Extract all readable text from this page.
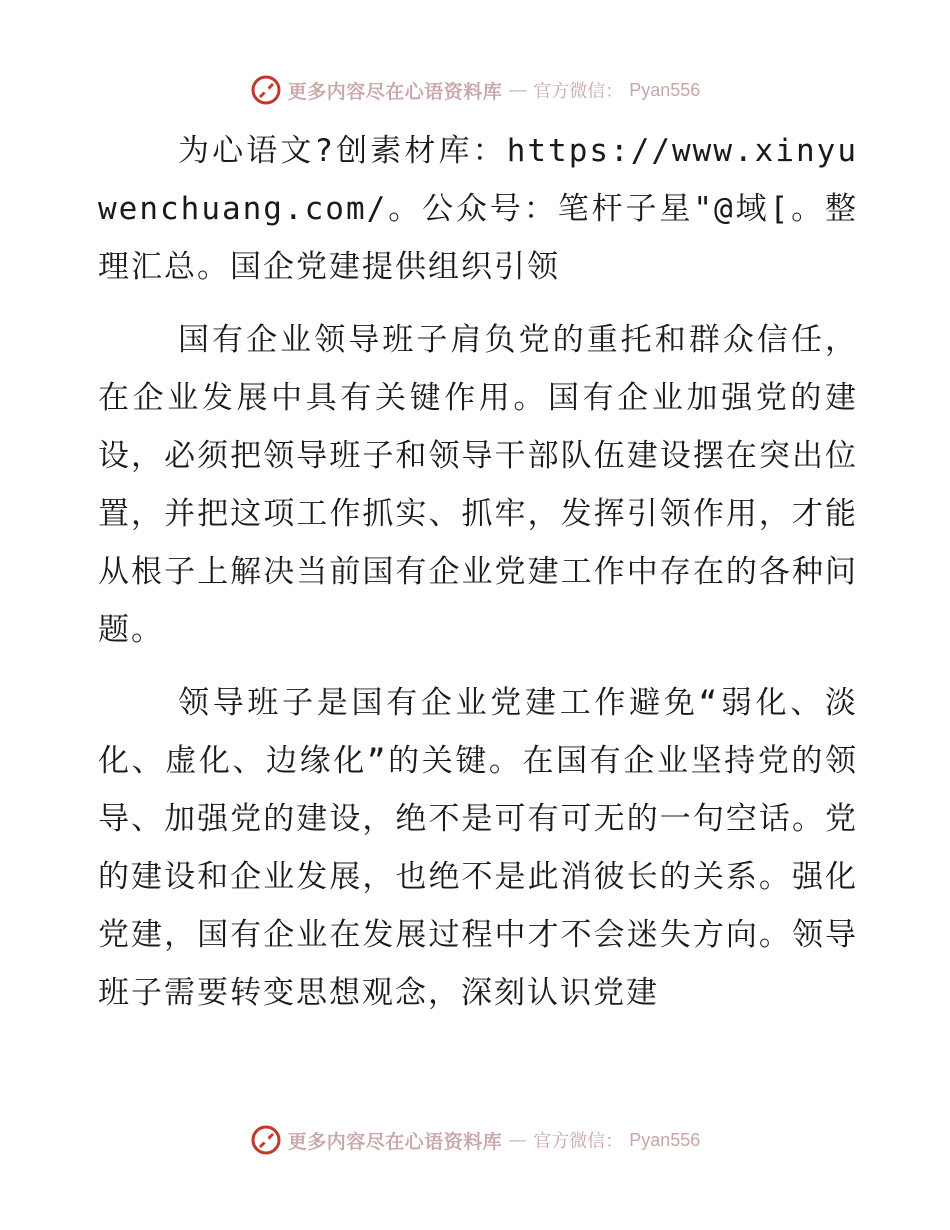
更多内容尽在心语资料库 — 官方微信： Pyan556

为心语文?创素材库：https://www.xinyuwenchuang.com/。公众号：笔杆子星"@域[。整理汇总。国企党建提供组织引领

国有企业领导班子肩负党的重托和群众信任，在企业发展中具有关键作用。国有企业加强党的建设，必须把领导班子和领导干部队伍建设摆在突出位置，并把这项工作抓实、抓牢，发挥引领作用，才能从根子上解决当前国有企业党建工作中存在的各种问题。

领导班子是国有企业党建工作避免“弱化、淡化、虚化、边缘化”的关键。在国有企业坚持党的领导、加强党的建设，绝不是可有可无的一句空话。党的建设和企业发展，也绝不是此消彼长的关系。强化党建，国有企业在发展过程中才不会迷失方向。领导班子需要转变思想观念，深刻认识党建

更多内容尽在心语资料库 — 官方微信： Pyan556
